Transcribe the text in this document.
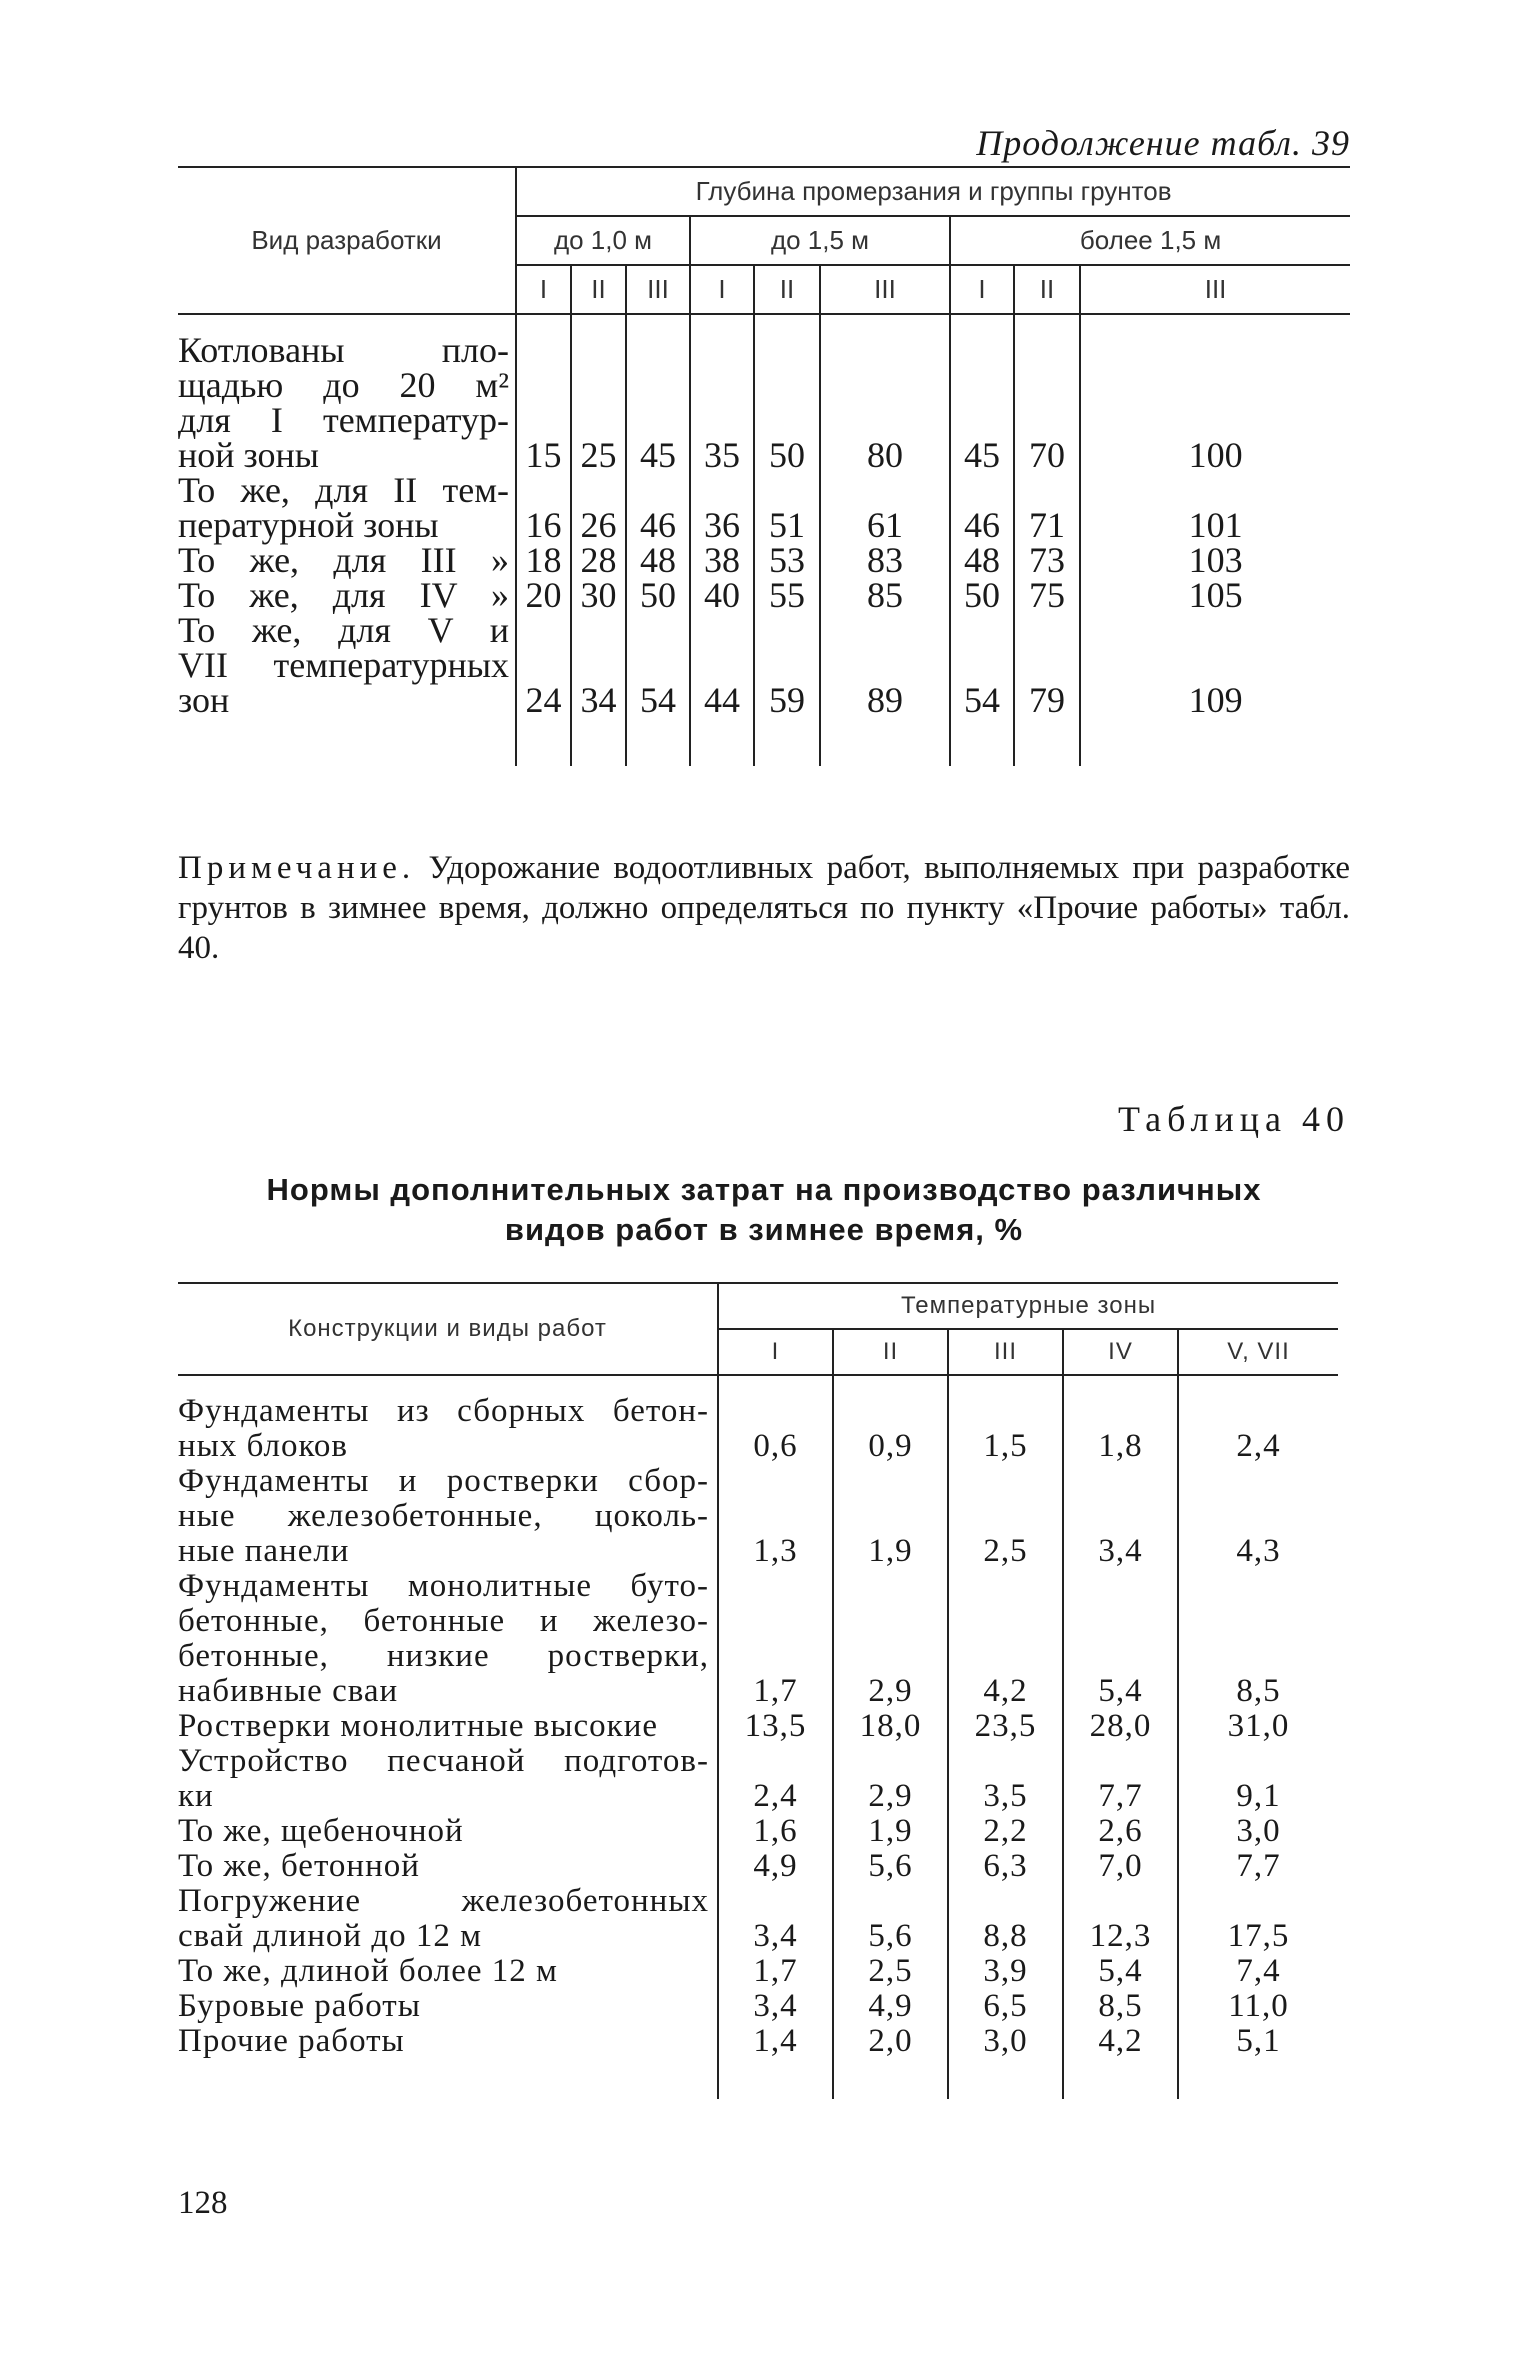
Продолжение табл. 39
Вид разработки	Глубина промерзания и группы грунтов								
	до 1,0 м			до 1,5 м			более 1,5 м		
	I	II	III	I	II	III	I	II	III

Котлованы пло-
щадью до 20 м²
для I температур-
ной зоны	15	25	45	35	50	80	45	70	100

То же, для II тем-
пературной зоны	16	26	46	36	51	61	46	71	101

То же, для III »	18	28	48	38	53	83	48	73	103

То же, для IV »	20	30	50	40	55	85	50	75	105

То же, для V и
VII температурных
зон	24	34	54	44	59	89	54	79	109

Примечание. Удорожание водоотливных работ, выполняемых при разработке грунтов в зимнее время, должно определяться по пункту «Прочие работы» табл. 40.
Таблица 40
Нормы дополнительных затрат на производство различных
видов работ в зимнее время, %
Конструкции и виды работ	Температурные зоны				
	I	II	III	IV	V, VII

Фундаменты из сборных бетон-
ных блоков	0,6	0,9	1,5	1,8	2,4

Фундаменты и ростверки сбор-
ные железобетонные, цоколь-
ные панели	1,3	1,9	2,5	3,4	4,3

Фундаменты монолитные буто-
бетонные, бетонные и железо-
бетонные, низкие ростверки,
набивные сваи	1,7	2,9	4,2	5,4	8,5

Ростверки монолитные высокие	13,5	18,0	23,5	28,0	31,0

Устройство песчаной подготов-
ки	2,4	2,9	3,5	7,7	9,1

То же, щебеночной	1,6	1,9	2,2	2,6	3,0

То же, бетонной	4,9	5,6	6,3	7,0	7,7

Погружение железобетонных
свай длиной до 12 м	3,4	5,6	8,8	12,3	17,5

То же, длиной более 12 м	1,7	2,5	3,9	5,4	7,4

Буровые работы	3,4	4,9	6,5	8,5	11,0

Прочие работы	1,4	2,0	3,0	4,2	5,1

128
